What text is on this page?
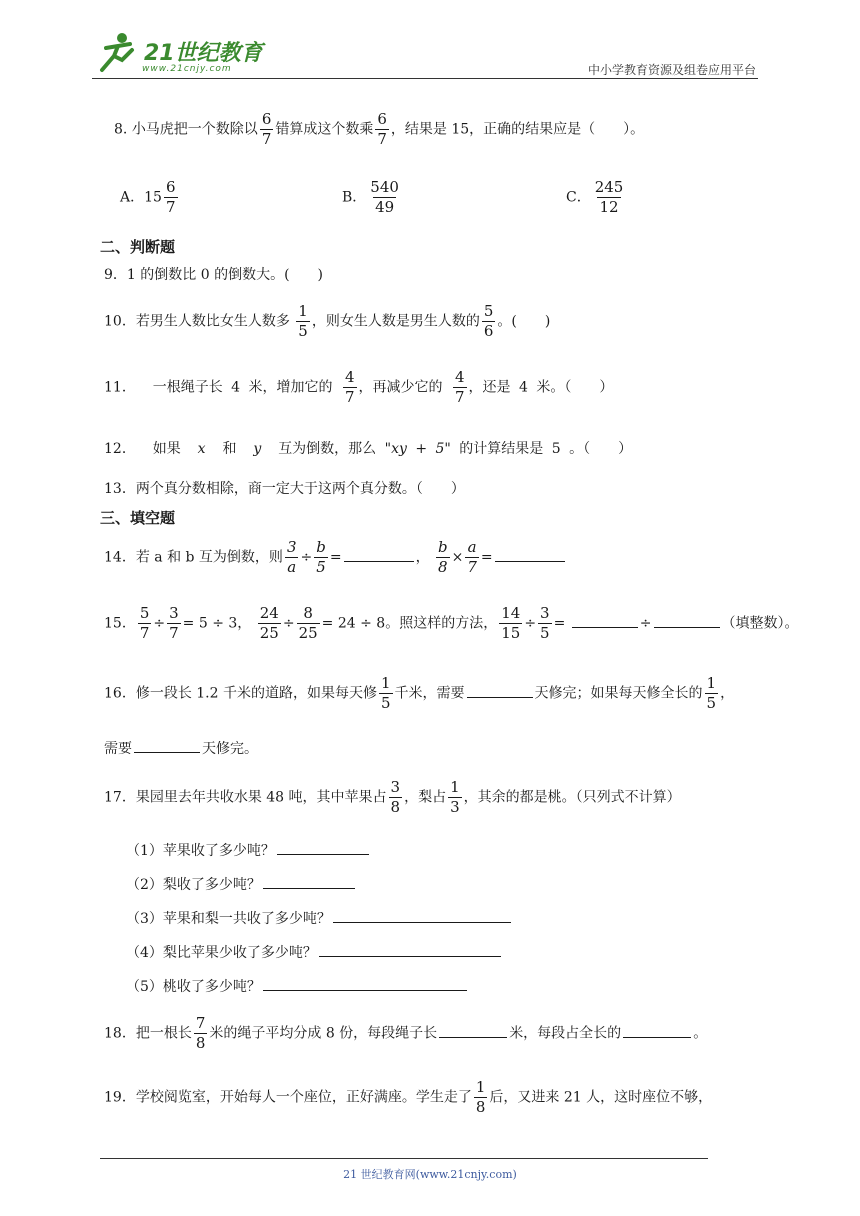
21世纪教育
www.21cnjy.com	中小学教育资源及组卷应用平台
8. 小马虎把一个数除以 $\frac{6}{7}$ 错算成这个数乘 $\frac{6}{7}$ ，结果是 15，正确的结果应是（　　）。
A．$15 \frac{6}{7}$	B． $\frac{540}{49}$	C． $\frac{245}{12}$
二、判断题
9．1 的倒数比 0 的倒数大。(　　)
10．若男生人数比女生人数多 $\frac{1}{5}$ ，则女生人数是男生人数的 $\frac{5}{6}$ 。(　　)
11． 一根绳子长 4 米，增加它的 $\frac{4}{7}$ ，再减少它的 $\frac{4}{7}$ ，还是 4 米。（　　）
12． 如果 x 和 y 互为倒数，那么 "xy + 5" 的计算结果是 5 。（　　）
13．两个真分数相除，商一定大于这两个真分数。（　　）
三、填空题
14．若 a 和 b 互为倒数，则 $\frac{3}{a} \div \frac{b}{5}$ =	， $\frac{b}{8} \times \frac{a}{7}$ =
15． $\frac{5}{7} \div \frac{3}{7} = 5 \div 3$， $\frac{24}{25} \div \frac{8}{25} = 24 \div 8$。照这样的方法， $\frac{14}{15} \div \frac{3}{5}$ =	÷	（填整数）。
16．修一段长 1.2 千米的道路，如果每天修 $\frac{1}{5}$ 千米，需要	天修完；如果每天修全长的 $\frac{1}{5}$ ，
需要	天修完。
17．果园里去年共收水果 48 吨，其中苹果占 $\frac{3}{8}$ ，梨占 $\frac{1}{3}$ ，其余的都是桃。（只列式不计算）
（1）苹果收了多少吨？
（2）梨收了多少吨？
（3）苹果和梨一共收了多少吨？
（4）梨比苹果少收了多少吨？
（5）桃收了多少吨？
18．把一根长 $\frac{7}{8}$ 米的绳子平均分成 8 份，每段绳子长	米，每段占全长的	。
19．学校阅览室，开始每人一个座位，正好满座。学生走了 $\frac{1}{8}$ 后，又进来 21 人，这时座位不够，
21 世纪教育网(www.21cnjy.com)
